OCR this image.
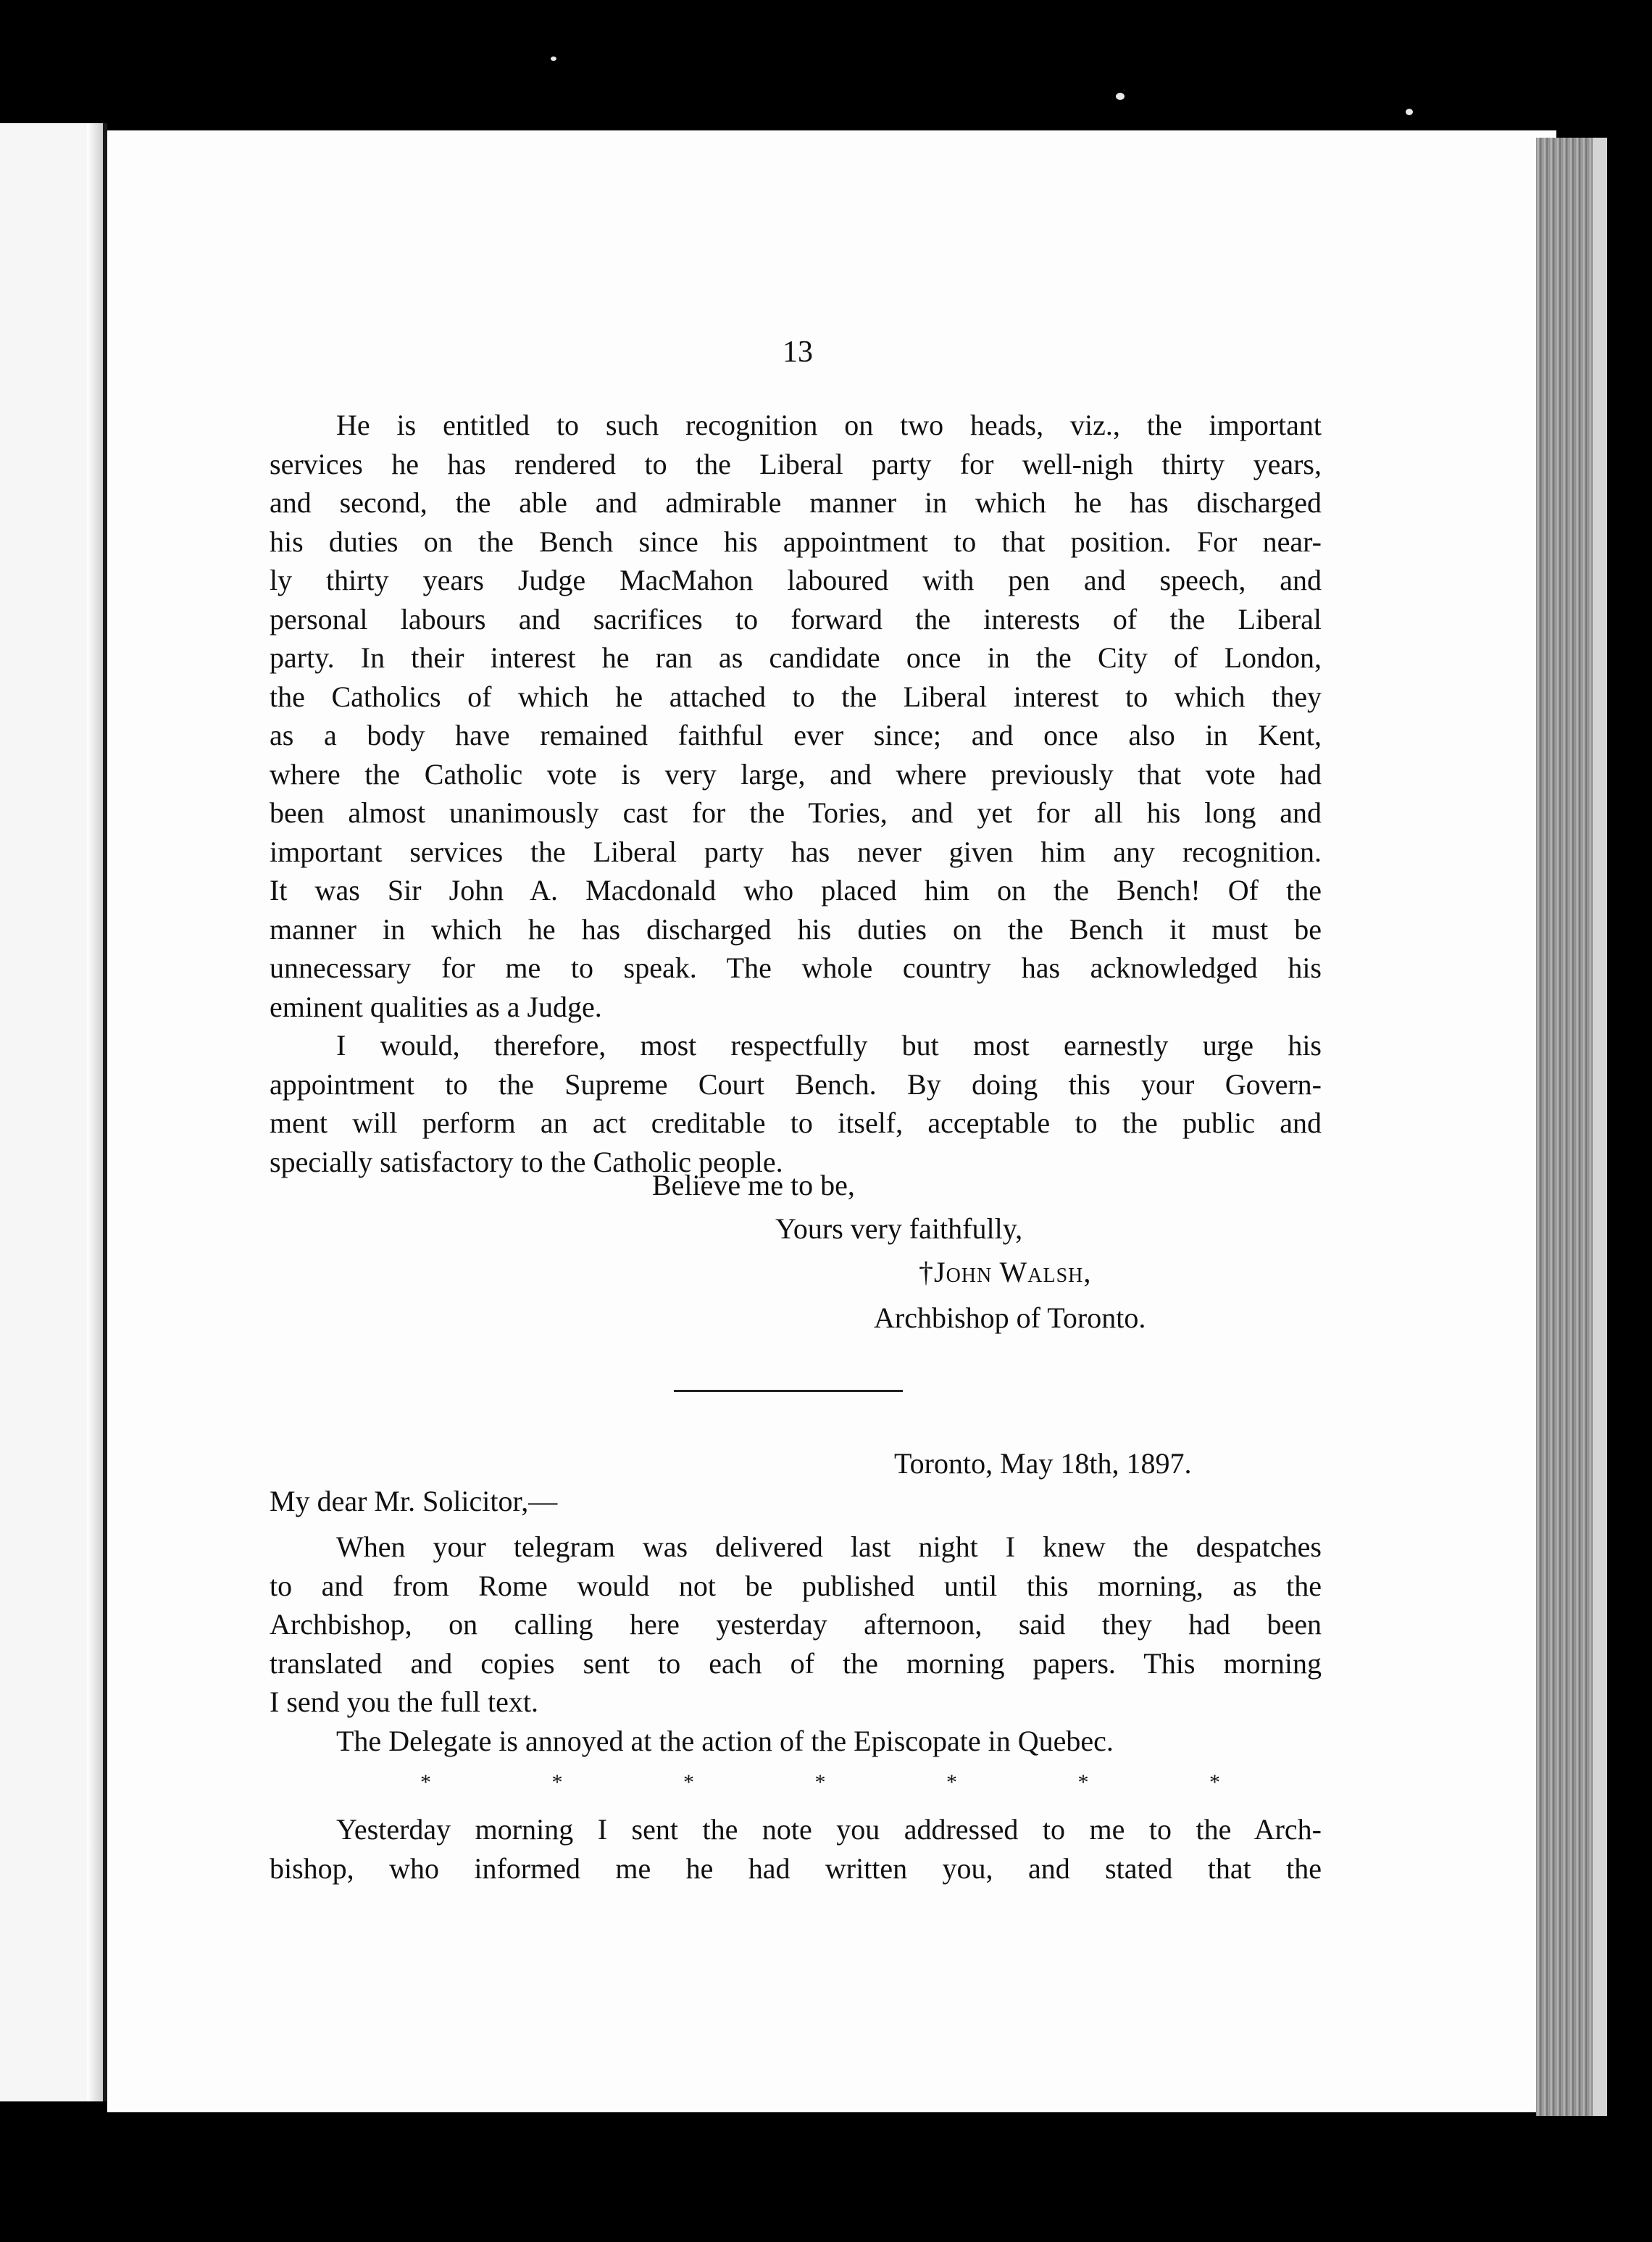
13
He is entitled to such recognition on two heads, viz., the important
services he has rendered to the Liberal party for well-nigh thirty years,
and second, the able and admirable manner in which he has discharged
his duties on the Bench since his appointment to that position. For near-
ly thirty years Judge MacMahon laboured with pen and speech, and
personal labours and sacrifices to forward the interests of the Liberal
party. In their interest he ran as candidate once in the City of London,
the Catholics of which he attached to the Liberal interest to which they
as a body have remained faithful ever since; and once also in Kent,
where the Catholic vote is very large, and where previously that vote had
been almost unanimously cast for the Tories, and yet for all his long and
important services the Liberal party has never given him any recognition.
It was Sir John A. Macdonald who placed him on the Bench! Of the
manner in which he has discharged his duties on the Bench it must be
unnecessary for me to speak. The whole country has acknowledged his
eminent qualities as a Judge.
I would, therefore, most respectfully but most earnestly urge his
appointment to the Supreme Court Bench. By doing this your Govern-
ment will perform an act creditable to itself, acceptable to the public and
specially satisfactory to the Catholic people.
Believe me to be,
Yours very faithfully,
†John Walsh,
Archbishop of Toronto.
Toronto, May 18th, 1897.
My dear Mr. Solicitor,—
When your telegram was delivered last night I knew the despatches
to and from Rome would not be published until this morning, as the
Archbishop, on calling here yesterday afternoon, said they had been
translated and copies sent to each of the morning papers. This morning
I send you the full text.
The Delegate is annoyed at the action of the Episcopate in Quebec.
*	*	*	*	*	*	*
Yesterday morning I sent the note you addressed to me to the Arch-
bishop, who informed me he had written you, and stated that the
